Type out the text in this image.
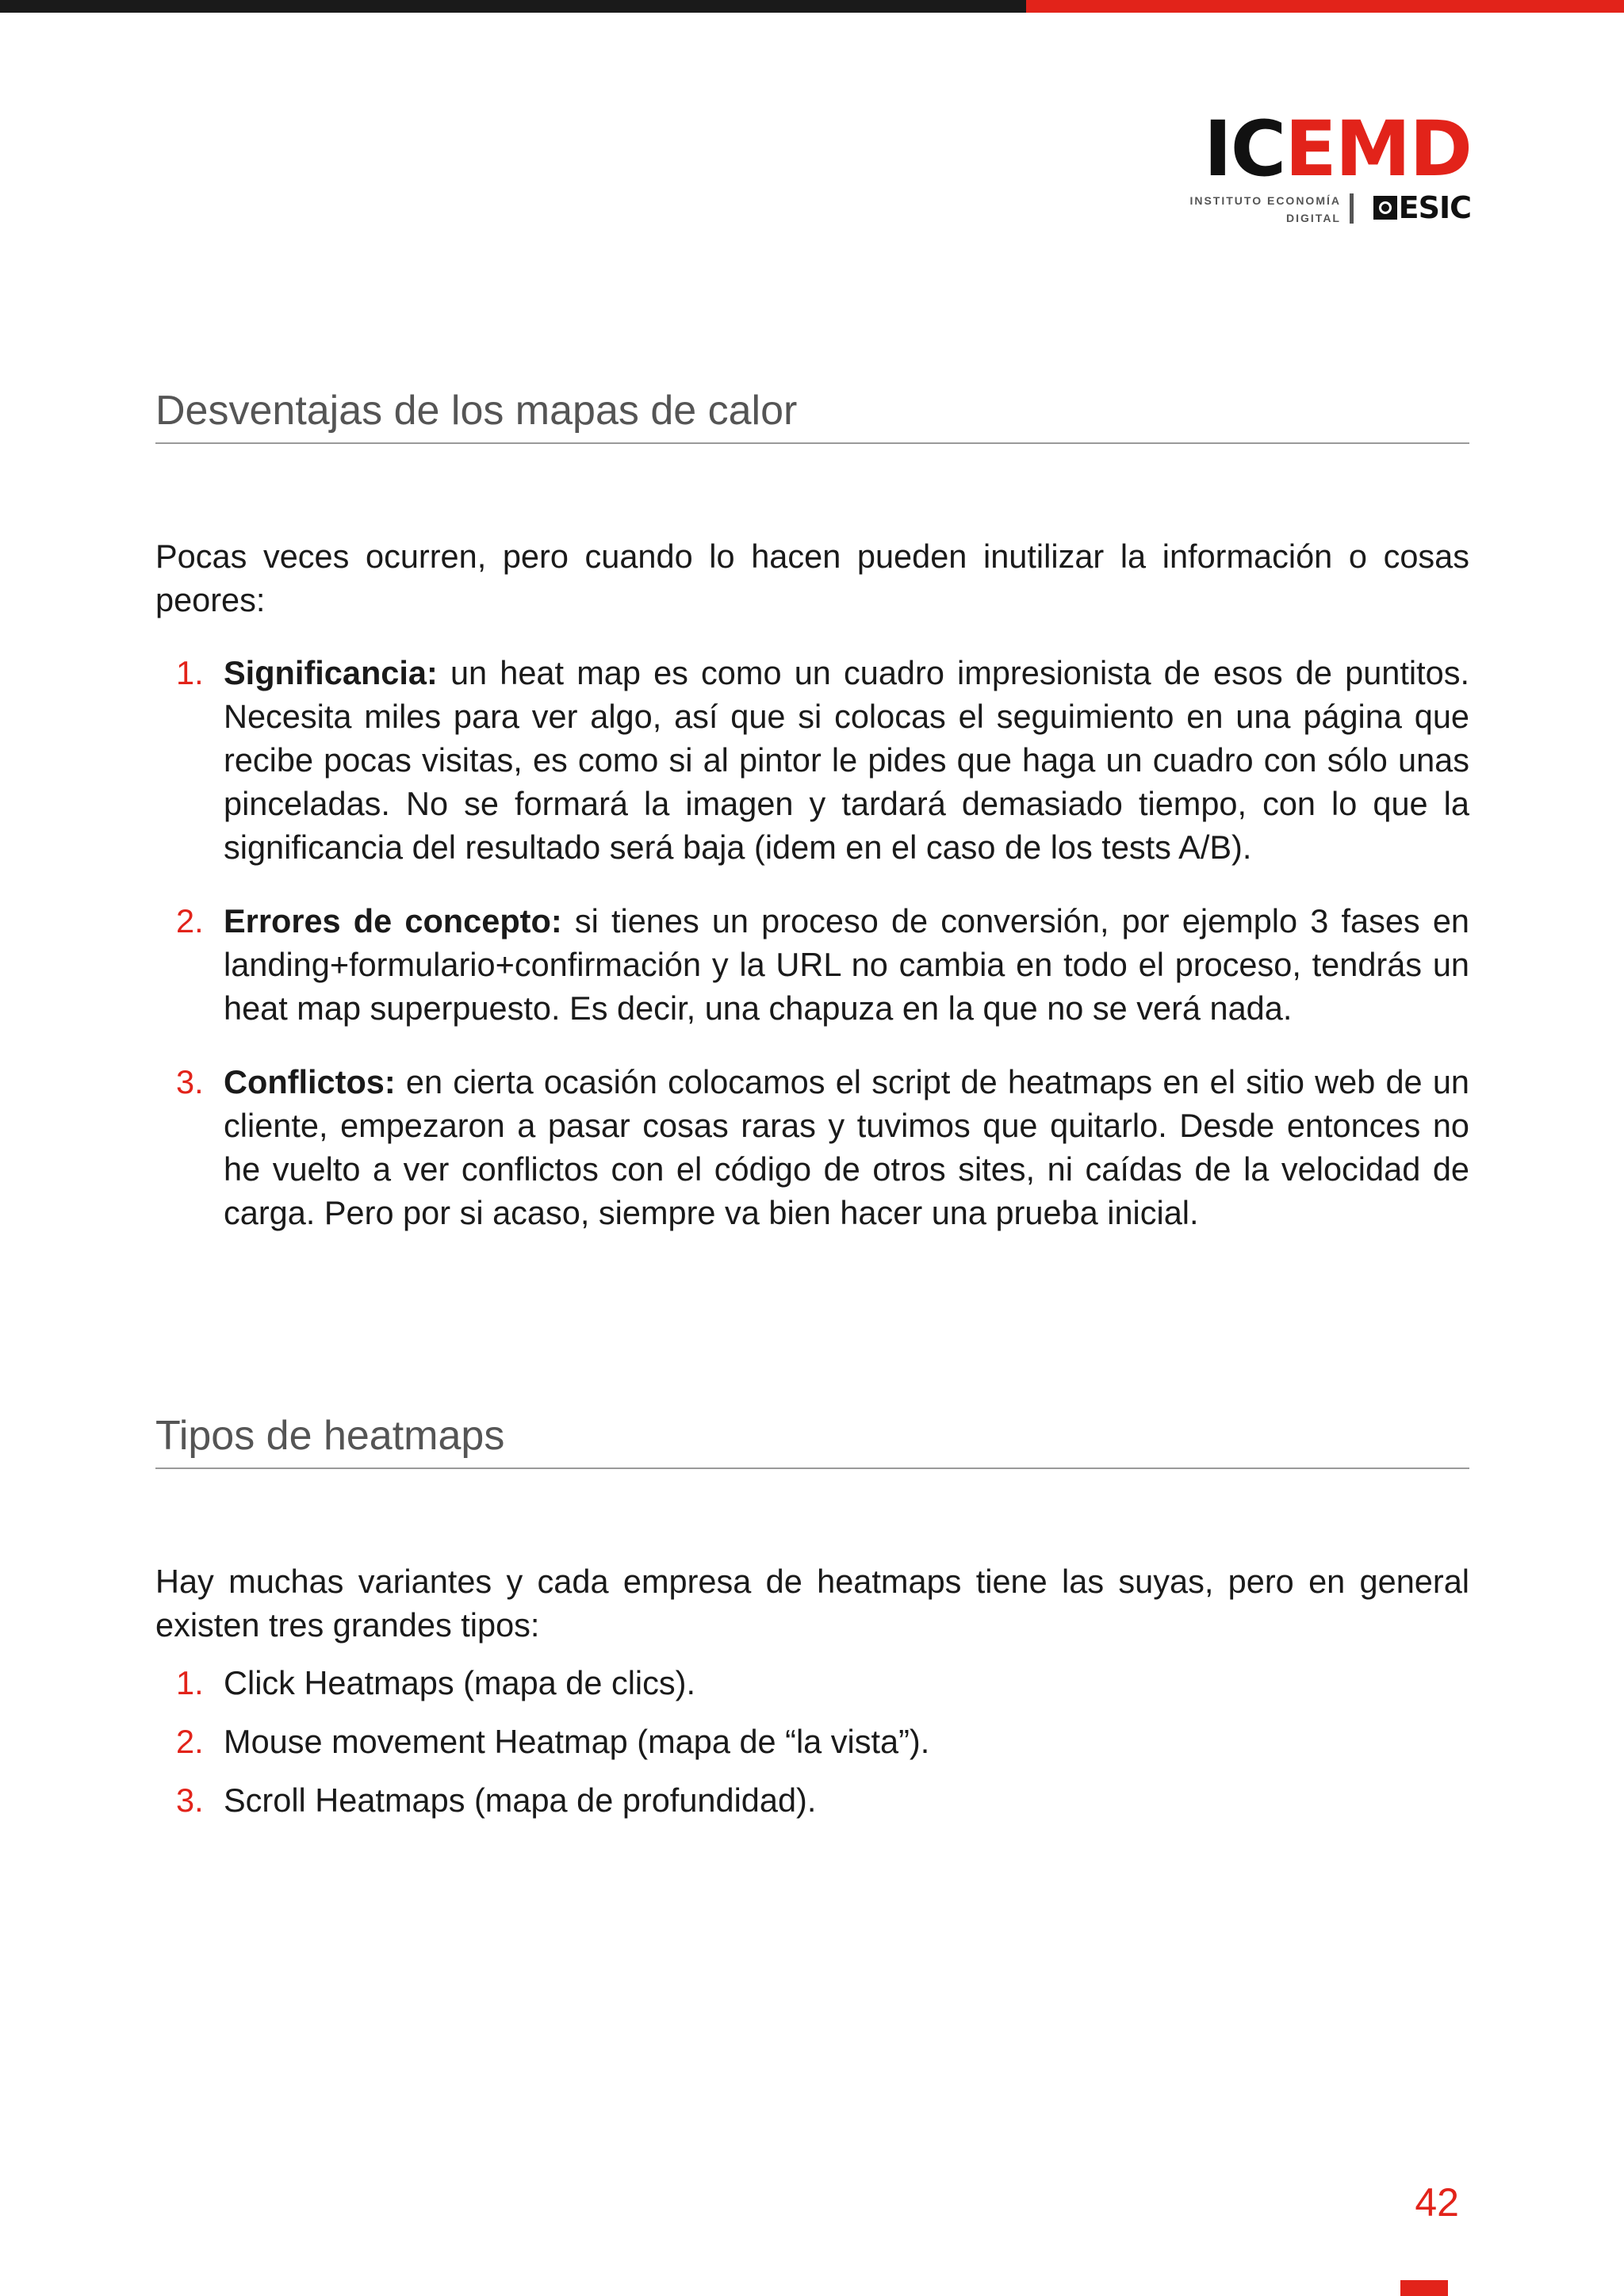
ICEMD
INSTITUTO ECONOMÍA
DIGITAL ESIC
Desventajas de los mapas de calor

Pocas veces ocurren, pero cuando lo hacen pueden inutilizar la información o cosas peores:

1. Significancia: un heat map es como un cuadro impresionista de esos de puntitos. Necesita miles para ver algo, así que si colocas el seguimiento en una página que recibe pocas visitas, es como si al pintor le pides que haga un cuadro con sólo unas pinceladas. No se formará la imagen y tardará demasiado tiempo, con lo que la significancia del resultado será baja (idem en el caso de los tests A/B).
2. Errores de concepto: si tienes un proceso de conversión, por ejemplo 3 fases en landing+formulario+confirmación y la URL no cambia en todo el proceso, tendrás un heat map superpuesto. Es decir, una chapuza en la que no se verá nada.
3. Conflictos: en cierta ocasión colocamos el script de heatmaps en el sitio web de un cliente, empezaron a pasar cosas raras y tuvimos que quitarlo. Desde entonces no he vuelto a ver conflictos con el código de otros sites, ni caídas de la velocidad de carga. Pero por si acaso, siempre va bien hacer una prueba inicial.
Tipos de heatmaps

Hay muchas variantes y cada empresa de heatmaps tiene las suyas, pero en general existen tres grandes tipos:

1. Click Heatmaps (mapa de clics).
2. Mouse movement Heatmap (mapa de “la vista”).
3. Scroll Heatmaps (mapa de profundidad).
42
